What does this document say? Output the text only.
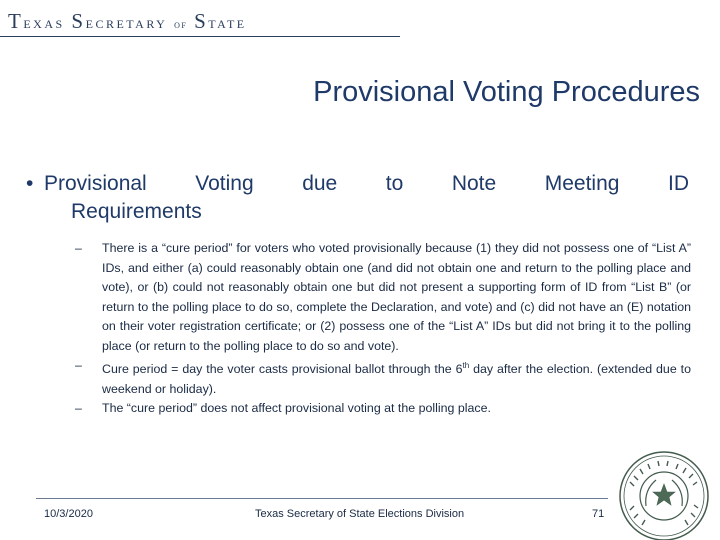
Texas Secretary of State
Provisional Voting Procedures
• Provisional Voting due to Note Meeting ID
Requirements
– There is a “cure period” for voters who voted provisionally because (1) they did not possess one of “List A” IDs, and either (a) could reasonably obtain one (and did not obtain one and return to the polling place and vote), or (b) could not reasonably obtain one but did not present a supporting form of ID from “List B” (or return to the polling place to do so, complete the Declaration, and vote) and (c) did not have an (E) notation on their voter registration certificate; or (2) possess one of the “List A” IDs but did not bring it to the polling place (or return to the polling place to do so and vote).
– Cure period = day the voter casts provisional ballot through the 6th day after the election. (extended due to weekend or holiday).
– The “cure period” does not affect provisional voting at the polling place.
10/3/2020	Texas Secretary of State Elections Division	71
